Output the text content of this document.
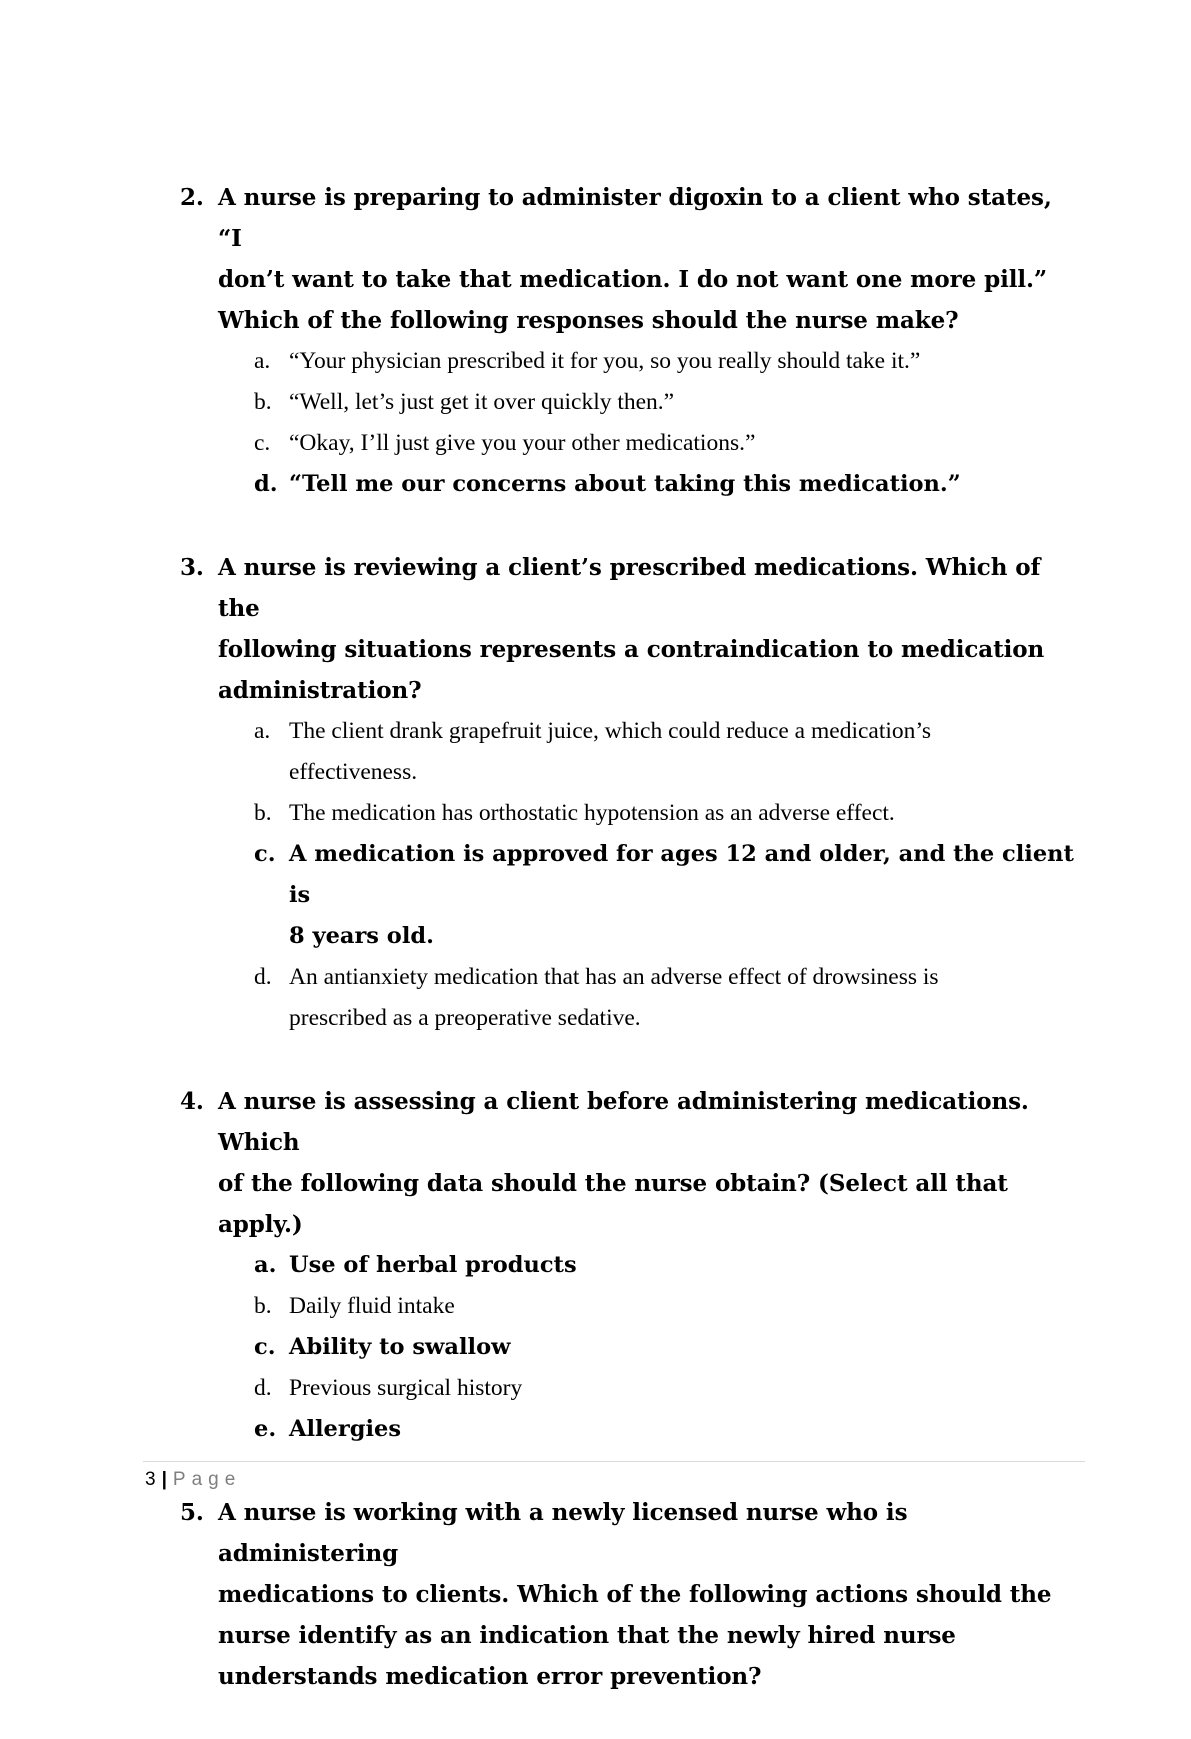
2. A nurse is preparing to administer digoxin to a client who states, “I
don’t want to take that medication. I do not want one more pill.”
Which of the following responses should the nurse make?
a. “Your physician prescribed it for you, so you really should take it.”
b. “Well, let’s just get it over quickly then.”
c. “Okay, I’ll just give you your other medications.”
d. “Tell me our concerns about taking this medication.”
3. A nurse is reviewing a client’s prescribed medications. Which of the
following situations represents a contraindication to medication
administration?
a. The client drank grapefruit juice, which could reduce a medication’s
effectiveness.
b. The medication has orthostatic hypotension as an adverse effect.
c. A medication is approved for ages 12 and older, and the client is
8 years old.
d. An antianxiety medication that has an adverse effect of drowsiness is
prescribed as a preoperative sedative.
4. A nurse is assessing a client before administering medications. Which
of the following data should the nurse obtain? (Select all that apply.)
a. Use of herbal products
b. Daily fluid intake
c. Ability to swallow
d. Previous surgical history
e. Allergies
5. A nurse is working with a newly licensed nurse who is administering
medications to clients. Which of the following actions should the
nurse identify as an indication that the newly hired nurse
understands medication error prevention?
3 | Page
